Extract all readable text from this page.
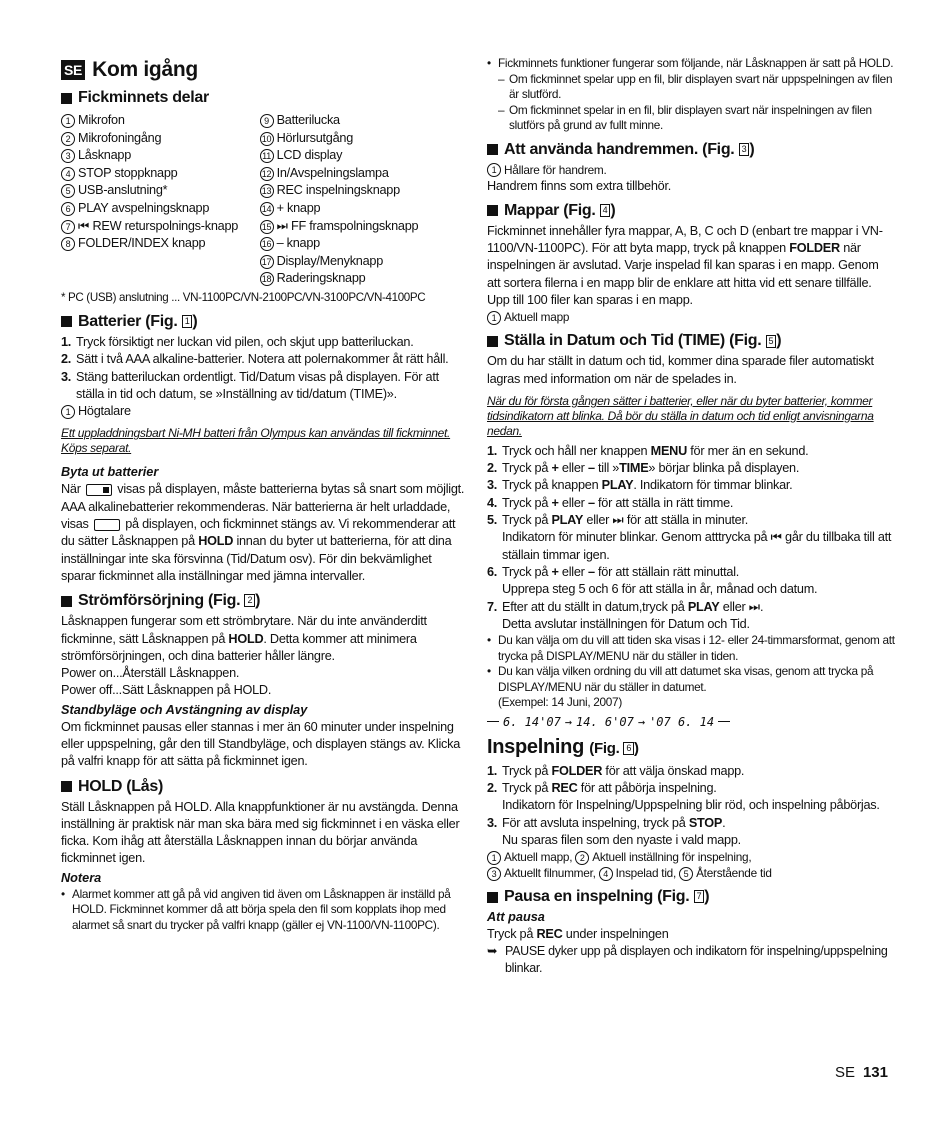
SE Kom igång
Fickminnets delar
1 Mikrofon
2 Mikrofoningång
3 Låsknapp
4 STOP stoppknapp
5 USB-anslutning*
6 PLAY avspelningsknapp
7 ⏮ REW returspolnings-knapp
8 FOLDER/INDEX knapp
9 Batterilucka
10 Hörlursutgång
11 LCD display
12 In/Avspelningslampa
13 REC inspelningsknapp
14 + knapp
15 ⏭ FF framspolningsknapp
16 – knapp
17 Display/Menyknapp
18 Raderingsknapp

* PC (USB) anslutning ... VN-1100PC/VN-2100PC/VN-3100PC/VN-4100PC

Batterier (Fig. 1 )
1. Tryck försiktigt ner luckan vid pilen, och skjut upp batteriluckan.
2. Sätt i två AAA alkaline-batterier. Notera att polernakommer åt rätt håll.
3. Stäng batteriluckan ordentligt. Tid/Datum visas på displayen. För att ställa in tid och datum, se »Inställning av tid/datum (TIME)».
1 Högtalare

Ett uppladdningsbart Ni-MH batteri från Olympus kan användas till fickminnet. Köps separat.

Byta ut batterier

När	visas på displayen, måste batterierna bytas så snart som möjligt. AAA alkalinebatterier rekommenderas. När batterierna är helt urladdade, visas	på displayen, och fickminnet stängs av. Vi rekommenderar att du sätter Låsknappen på HOLD innan du byter ut batterierna, för att dina inställningar inte ska försvinna (Tid/Datum osv). För din bekvämlighet sparar fickminnet alla inställningar med jämna intervaller.

Strömförsörjning (Fig. 2 )

Låsknappen fungerar som ett strömbrytare. När du inte använderditt fickminne, sätt Låsknappen på HOLD. Detta kommer att minimera strömförsörjningen, och dina batterier håller längre.

Power on...Återställ Låsknappen.

Power off...Sätt Låsknappen på HOLD.

Standbyläge och Avstängning av display

Om fickminnet pausas eller stannas i mer än 60 minuter under inspelning eller uppspelning, går den till Standbyläge, och displayen stängs av. Klicka på valfri knapp för att sätta på fickminnet igen.

HOLD (Lås)

Ställ Låsknappen på HOLD. Alla knappfunktioner är nu avstängda. Denna inställning är praktisk när man ska bära med sig fickminnet i en väska eller ficka. Kom ihåg att återställa Låsknappen innan du börjar använda fickminnet igen.

Notera

• Alarmet kommer att gå på vid angiven tid även om Låsknappen är inställd på HOLD. Fickminnet kommer då att börja spela den fil som kopplats ihop med alarmet så snart du trycker på valfri knapp (gäller ej VN-1100/VN-1100PC).
• Fickminnets funktioner fungerar som följande, när Låsknappen är satt på HOLD.
– Om fickminnet spelar upp en fil, blir displayen svart när uppspelningen av filen är slutförd.
– Om fickminnet spelar in en fil, blir displayen svart när inspelningen av filen slutförs på grund av fullt minne.
Att använda handremmen. (Fig. 3 )
1 Hållare för handrem.

Handrem finns som extra tillbehör.

Mappar (Fig. 4 )

Fickminnet innehåller fyra mappar, A, B, C och D (enbart tre mappar i VN-1100/VN-1100PC). För att byta mapp, tryck på knappen FOLDER när inspelningen är avslutad. Varje inspelad fil kan sparas i en mapp. Genom att sortera filerna i en mapp blir de enklare att hitta vid ett senare tillfälle. Upp till 100 filer kan sparas i en mapp.

1 Aktuell mapp
Ställa in Datum och Tid (TIME) (Fig. 5 )

Om du har ställt in datum och tid, kommer dina sparade filer automatiskt lagras med information om när de spelades in.

När du för första gången sätter i batterier, eller när du byter batterier, kommer tidsindikatorn att blinka. Då bör du ställa in datum och tid enligt anvisningarna nedan.

1. Tryck och håll ner knappen MENU för mer än en sekund.
2. Tryck på + eller – till »TIME» börjar blinka på displayen.
3. Tryck på knappen PLAY. Indikatorn för timmar blinkar.
4. Tryck på + eller – för att ställa in rätt timme.
5. Tryck på PLAY eller ⏭ för att ställa in minuter.
Indikatorn för minuter blinkar. Genom atttrycka på ⏮ går du tillbaka till att ställain timmar igen.
6. Tryck på + eller – för att ställain rätt minuttal.
Upprepa steg 5 och 6 för att ställa in år, månad och datum.
7. Efter att du ställt in datum,tryck på PLAY eller ⏭.
Detta avslutar inställningen för Datum och Tid.
• Du kan välja om du vill att tiden ska visas i 12- eller 24-timmarsformat, genom att trycka på DISPLAY/MENU när du ställer in tiden.
• Du kan välja vilken ordning du vill att datumet ska visas, genom att trycka på DISPLAY/MENU när du ställer in datumet.
(Exempel: 14 Juni, 2007)
6. 14'07 → 14. 6'07 → '07 6. 14
Inspelning (Fig. 6 )
1. Tryck på FOLDER för att välja önskad mapp.
2. Tryck på REC för att påbörja inspelning.
Indikatorn för Inspelning/Uppspelning blir röd, och inspelning påbörjas.
3. För att avsluta inspelning, tryck på STOP.
Nu sparas filen som den nyaste i vald mapp.
1 Aktuell mapp, 2 Aktuell inställning för inspelning,
3 Aktuellt filnummer, 4 Inspelad tid, 5 Återstående tid
Pausa en inspelning (Fig. 7 )

Att pausa

Tryck på REC under inspelningen

➥ PAUSE dyker upp på displayen och indikatorn för inspelning/uppspelning blinkar.
SE 131
